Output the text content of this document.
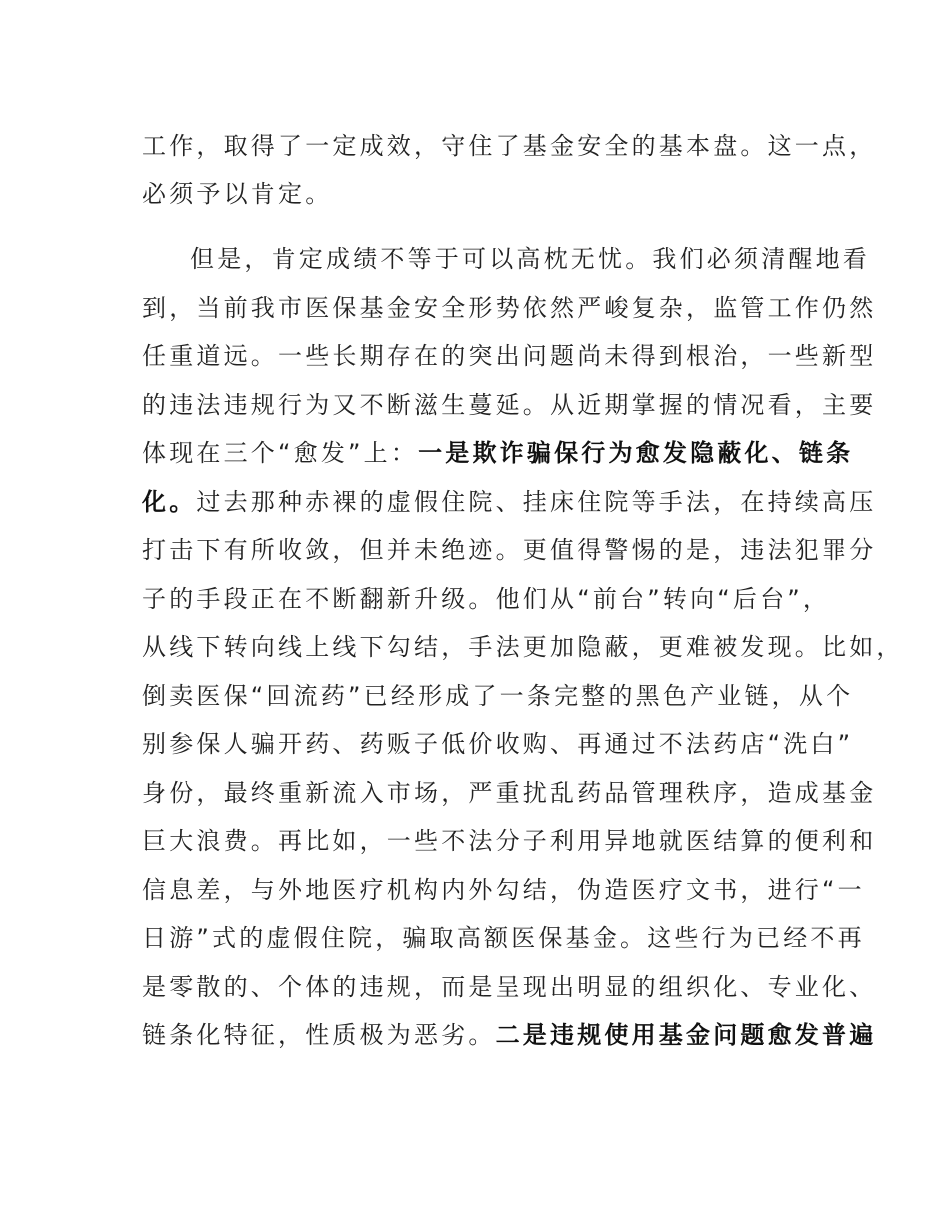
工作，取得了一定成效，守住了基金安全的基本盘。这一点，
必须予以肯定。
但是，肯定成绩不等于可以高枕无忧。我们必须清醒地看
到，当前我市医保基金安全形势依然严峻复杂，监管工作仍然
任重道远。一些长期存在的突出问题尚未得到根治，一些新型
的违法违规行为又不断滋生蔓延。从近期掌握的情况看，主要
体现在三个“愈发”上：一是欺诈骗保行为愈发隐蔽化、链条
化。过去那种赤裸的虚假住院、挂床住院等手法，在持续高压
打击下有所收敛，但并未绝迹。更值得警惕的是，违法犯罪分
子的手段正在不断翻新升级。他们从“前台”转向“后台”，
从线下转向线上线下勾结，手法更加隐蔽，更难被发现。比如，
倒卖医保“回流药”已经形成了一条完整的黑色产业链，从个
别参保人骗开药、药贩子低价收购、再通过不法药店“洗白”
身份，最终重新流入市场，严重扰乱药品管理秩序，造成基金
巨大浪费。再比如，一些不法分子利用异地就医结算的便利和
信息差，与外地医疗机构内外勾结，伪造医疗文书，进行“一
日游”式的虚假住院，骗取高额医保基金。这些行为已经不再
是零散的、个体的违规，而是呈现出明显的组织化、专业化、
链条化特征，性质极为恶劣。二是违规使用基金问题愈发普遍
